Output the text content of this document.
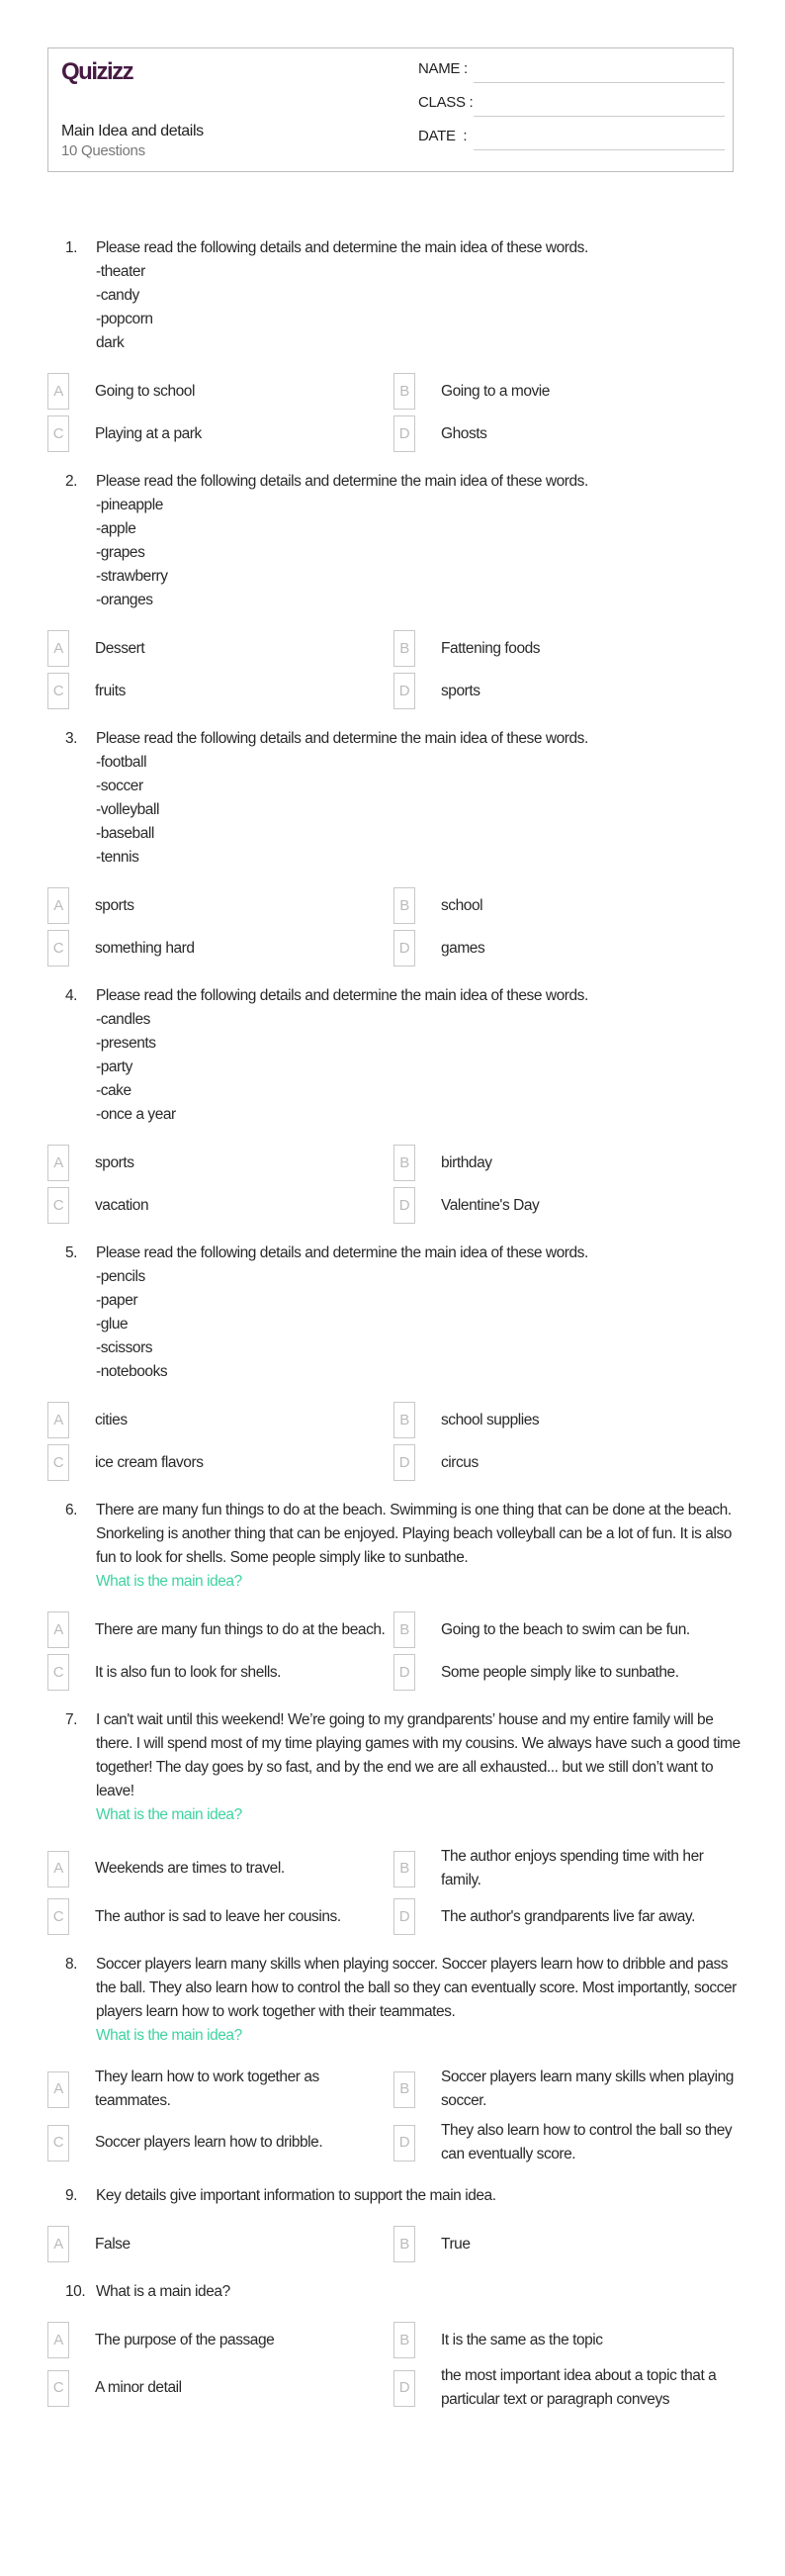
Quizizz
Main Idea and details
10 Questions
NAME :
CLASS :
DATE  :
1.	Please read the following details and determine the main idea of these words.
-theater
-candy
-popcorn
dark
A	Going to school	B	Going to a movie
C	Playing at a park	D	Ghosts
2.	Please read the following details and determine the main idea of these words.
-pineapple
-apple
-grapes
-strawberry
-oranges
A	Dessert	B	Fattening foods
C	fruits	D	sports
3.	Please read the following details and determine the main idea of these words.
-football
-soccer
-volleyball
-baseball
-tennis
A	sports	B	school
C	something hard	D	games
4.	Please read the following details and determine the main idea of these words.
-candles
-presents
-party
-cake
-once a year
A	sports	B	birthday
C	vacation	D	Valentine's Day
5.	Please read the following details and determine the main idea of these words.
-pencils
-paper
-glue
-scissors
-notebooks
A	cities	B	school supplies
C	ice cream flavors	D	circus
6.	There are many fun things to do at the beach. Swimming is one thing that can be done at the beach. Snorkeling is another thing that can be enjoyed. Playing beach volleyball can be a lot of fun. It is also fun to look for shells. Some people simply like to sunbathe.
What is the main idea?
A	There are many fun things to do at the beach. B	Going to the beach to swim can be fun.
C	It is also fun to look for shells.	D	Some people simply like to sunbathe.
7.	I can't wait until this weekend! We’re going to my grandparents’ house and my entire family will be there. I will spend most of my time playing games with my cousins. We always have such a good time together! The day goes by so fast, and by the end we are all exhausted... but we still don’t want to leave!
What is the main idea?
A	Weekends are times to travel.	B
The author enjoys spending time with her family.
C	The author is sad to leave her cousins.	D	The author's grandparents live far away.
8.	Soccer players learn many skills when playing soccer. Soccer players learn how to dribble and pass the ball. They also learn how to control the ball so they can eventually score. Most importantly, soccer players learn how to work together with their teammates.
What is the main idea?
A
They learn how to work together as teammates.
B
Soccer players learn many skills when playing soccer.
C	Soccer players learn how to dribble.	D
They also learn how to control the ball so they can eventually score.
9.	Key details give important information to support the main idea.
A	False	B	True
10. What is a main idea?
A	The purpose of the passage	B	It is the same as the topic
C	A minor detail	D
the most important idea about a topic that a particular text or paragraph conveys
